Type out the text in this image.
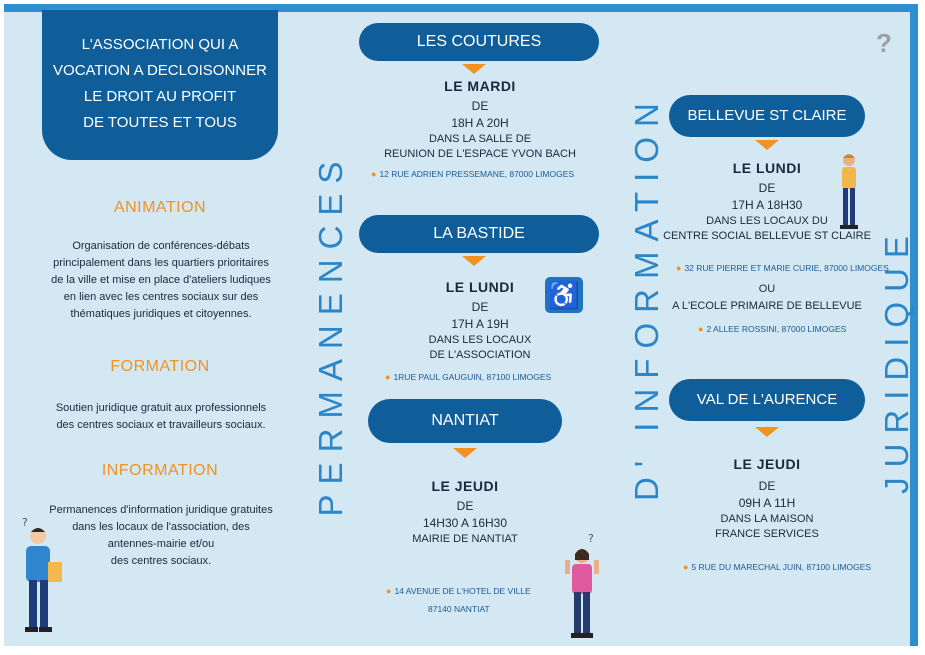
L'ASSOCIATION QUI A
VOCATION A DECLOISONNER
LE DROIT AU PROFIT
DE TOUTES ET TOUS
ANIMATION
Organisation de conférences-débats
principalement dans les quartiers prioritaires
de la ville et mise en place d'ateliers ludiques
en lien avec les centres sociaux sur des
thématiques juridiques et citoyennes.
FORMATION
Soutien juridique gratuit aux professionnels
des centres sociaux et travailleurs sociaux.
INFORMATION
Permanences d'information juridique gratuites
dans les locaux de l'association, des
antennes-mairie et/ou
des centres sociaux.
?
PERMANENCES
LES COUTURES
LE MARDI
DE
18H A 20H
DANS LA SALLE DE
REUNION DE L'ESPACE YVON BACH
● 12 RUE ADRIEN PRESSEMANE, 87000 LIMOGES
LA BASTIDE
LE LUNDI
DE
17H A 19H
DANS LES LOCAUX
DE L'ASSOCIATION
♿
● 1RUE PAUL GAUGUIN, 87100 LIMOGES
NANTIAT
LE JEUDI
DE
14H30 A 16H30
MAIRIE DE NANTIAT
● 14 AVENUE DE L'HOTEL DE VILLE
87140 NANTIAT
?
D' INFORMATION	JURIDIQUE
BELLEVUE ST CLAIRE
LE LUNDI
DE
17H A 18H30
DANS LES LOCAUX DU
CENTRE SOCIAL BELLEVUE ST CLAIRE
● 32 RUE PIERRE ET MARIE CURIE, 87000 LIMOGES
OU
A L'ECOLE PRIMAIRE DE BELLEVUE
● 2 ALLEE ROSSINI, 87000 LIMOGES
VAL DE L'AURENCE
LE JEUDI
DE
09H A 11H
DANS LA MAISON
FRANCE SERVICES
● 5 RUE DU MARECHAL JUIN, 87100 LIMOGES
?
